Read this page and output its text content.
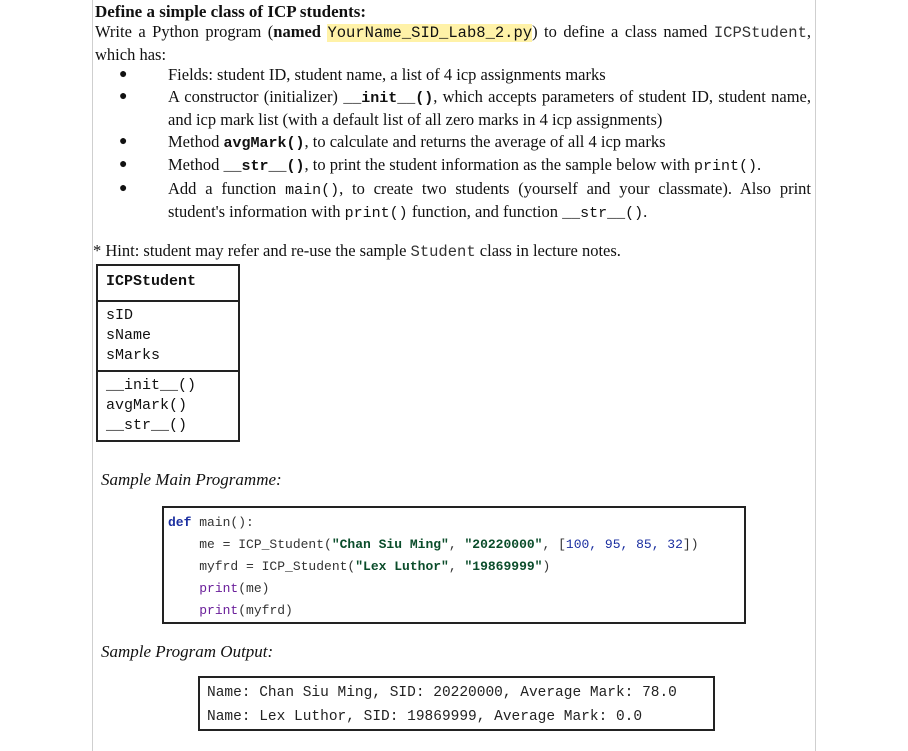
Define a simple class of ICP students:

Write a Python program (named YourName_SID_Lab8_2.py) to define a class named ICPStudent, which has:

● Fields: student ID, student name, a list of 4 icp assignments marks
● A constructor (initializer) __init__(), which accepts parameters of student ID, student name, and icp mark list (with a default list of all zero marks in 4 icp assignments)
● Method avgMark(), to calculate and returns the average of all 4 icp marks
● Method __str__(), to print the student information as the sample below with print().
● Add a function main(), to create two students (yourself and your classmate). Also print student's information with print() function, and function __str__().

* Hint: student may refer and re-use the sample Student class in lecture notes.

ICPStudent
sID
sName
sMarks
__init__()
avgMark()
__str__()

Sample Main Programme:

def main():
me = ICP_Student("Chan Siu Ming", "20220000", [100, 95, 85, 32])
myfrd = ICP_Student("Lex Luthor", "19869999")
print(me)
print(myfrd)

Sample Program Output:

Name: Chan Siu Ming, SID: 20220000, Average Mark: 78.0
Name: Lex Luthor, SID: 19869999, Average Mark: 0.0
